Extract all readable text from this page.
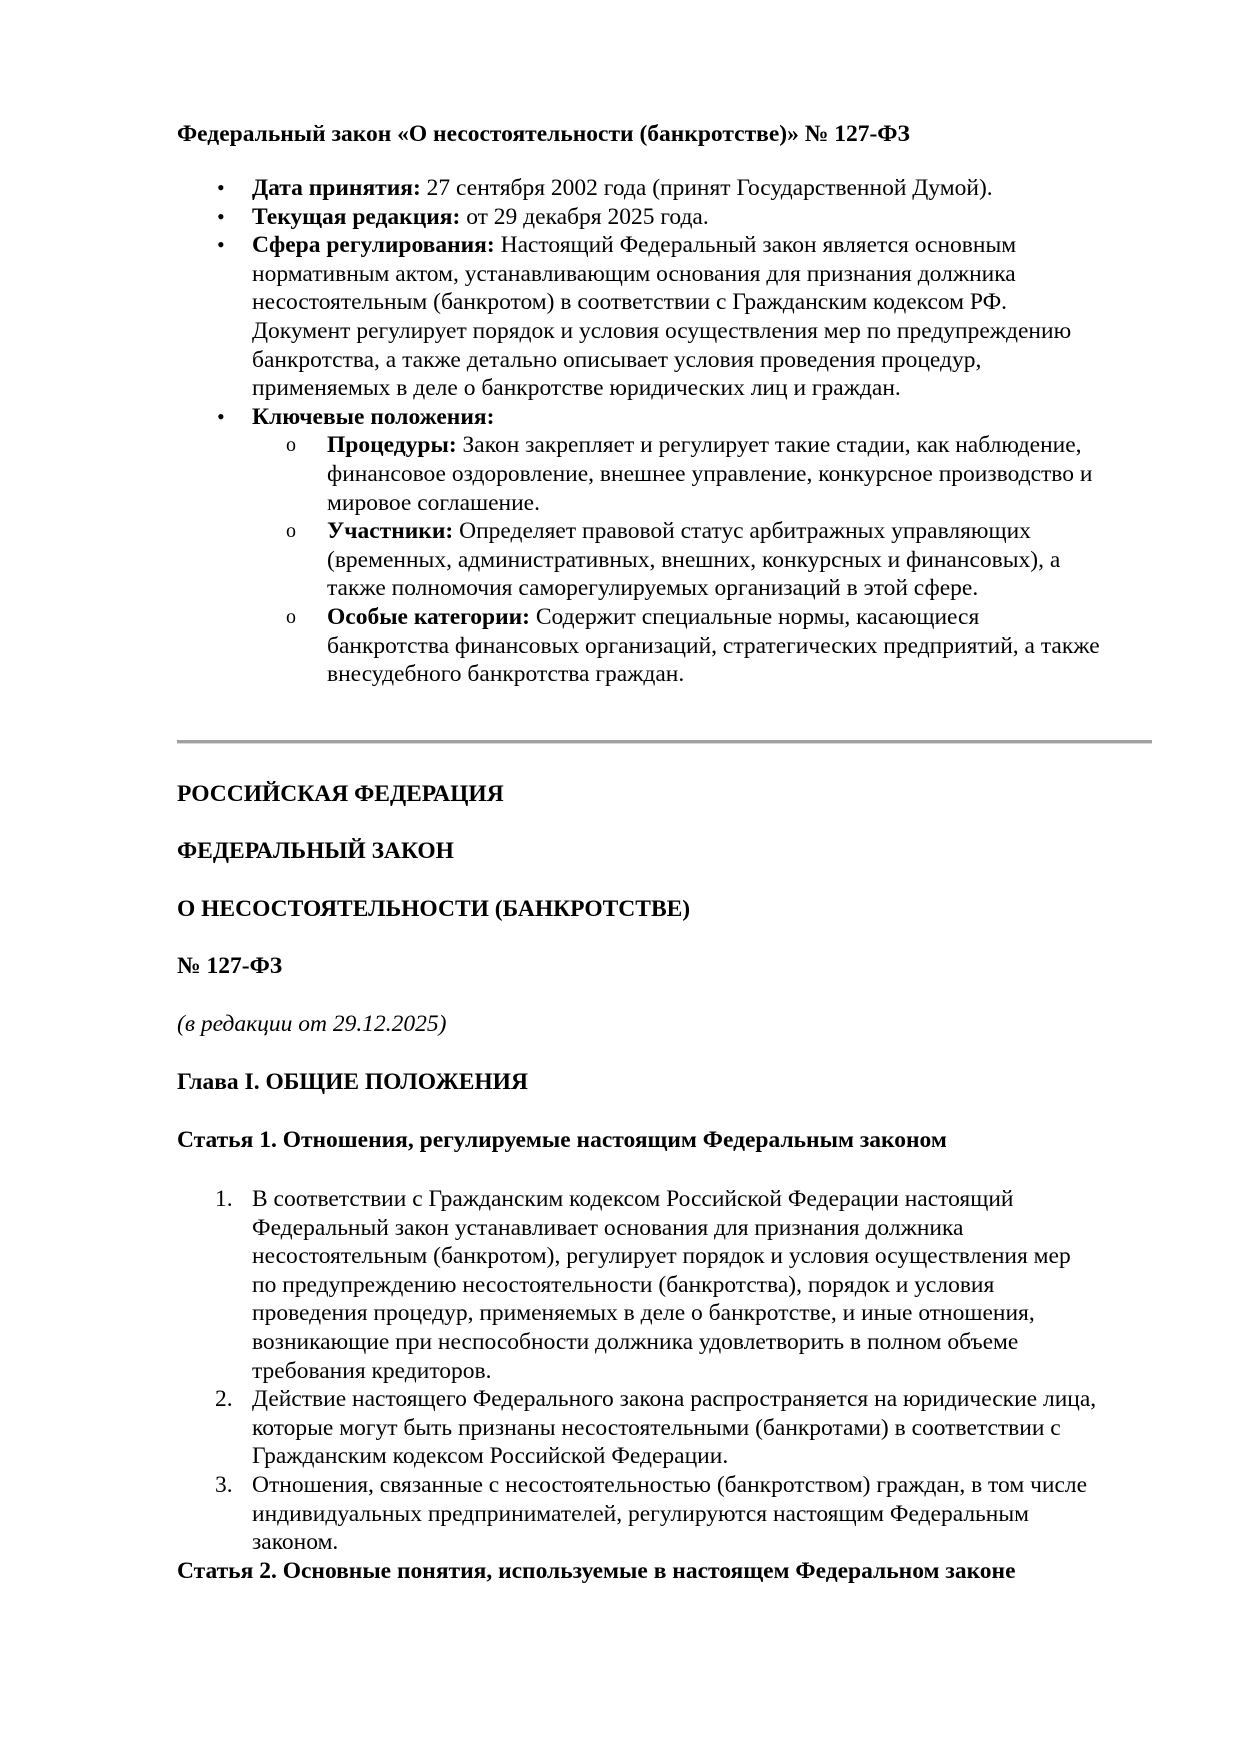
Федеральный закон «О несостоятельности (банкротстве)» № 127-ФЗ
• Дата принятия: 27 сентября 2002 года (принят Государственной Думой).
• Текущая редакция: от 29 декабря 2025 года.
• Сфера регулирования: Настоящий Федеральный закон является основным
нормативным актом, устанавливающим основания для признания должника
несостоятельным (банкротом) в соответствии с Гражданским кодексом РФ.
Документ регулирует порядок и условия осуществления мер по предупреждению
банкротства, а также детально описывает условия проведения процедур,
применяемых в деле о банкротстве юридических лиц и граждан.
• Ключевые положения:
o Процедуры: Закон закрепляет и регулирует такие стадии, как наблюдение,
финансовое оздоровление, внешнее управление, конкурсное производство и
мировое соглашение.
o Участники: Определяет правовой статус арбитражных управляющих
(временных, административных, внешних, конкурсных и финансовых), а
также полномочия саморегулируемых организаций в этой сфере.
o Особые категории: Содержит специальные нормы, касающиеся
банкротства финансовых организаций, стратегических предприятий, а также
внесудебного банкротства граждан.
РОССИЙСКАЯ ФЕДЕРАЦИЯ
ФЕДЕРАЛЬНЫЙ ЗАКОН
О НЕСОСТОЯТЕЛЬНОСТИ (БАНКРОТСТВЕ)
№ 127-ФЗ
(в редакции от 29.12.2025)
Глава I. ОБЩИЕ ПОЛОЖЕНИЯ
Статья 1. Отношения, регулируемые настоящим Федеральным законом
1. В соответствии с Гражданским кодексом Российской Федерации настоящий
Федеральный закон устанавливает основания для признания должника
несостоятельным (банкротом), регулирует порядок и условия осуществления мер
по предупреждению несостоятельности (банкротства), порядок и условия
проведения процедур, применяемых в деле о банкротстве, и иные отношения,
возникающие при неспособности должника удовлетворить в полном объеме
требования кредиторов.
2. Действие настоящего Федерального закона распространяется на юридические лица,
которые могут быть признаны несостоятельными (банкротами) в соответствии с
Гражданским кодексом Российской Федерации.
3. Отношения, связанные с несостоятельностью (банкротством) граждан, в том числе
индивидуальных предпринимателей, регулируются настоящим Федеральным
законом.
Статья 2. Основные понятия, используемые в настоящем Федеральном законе
